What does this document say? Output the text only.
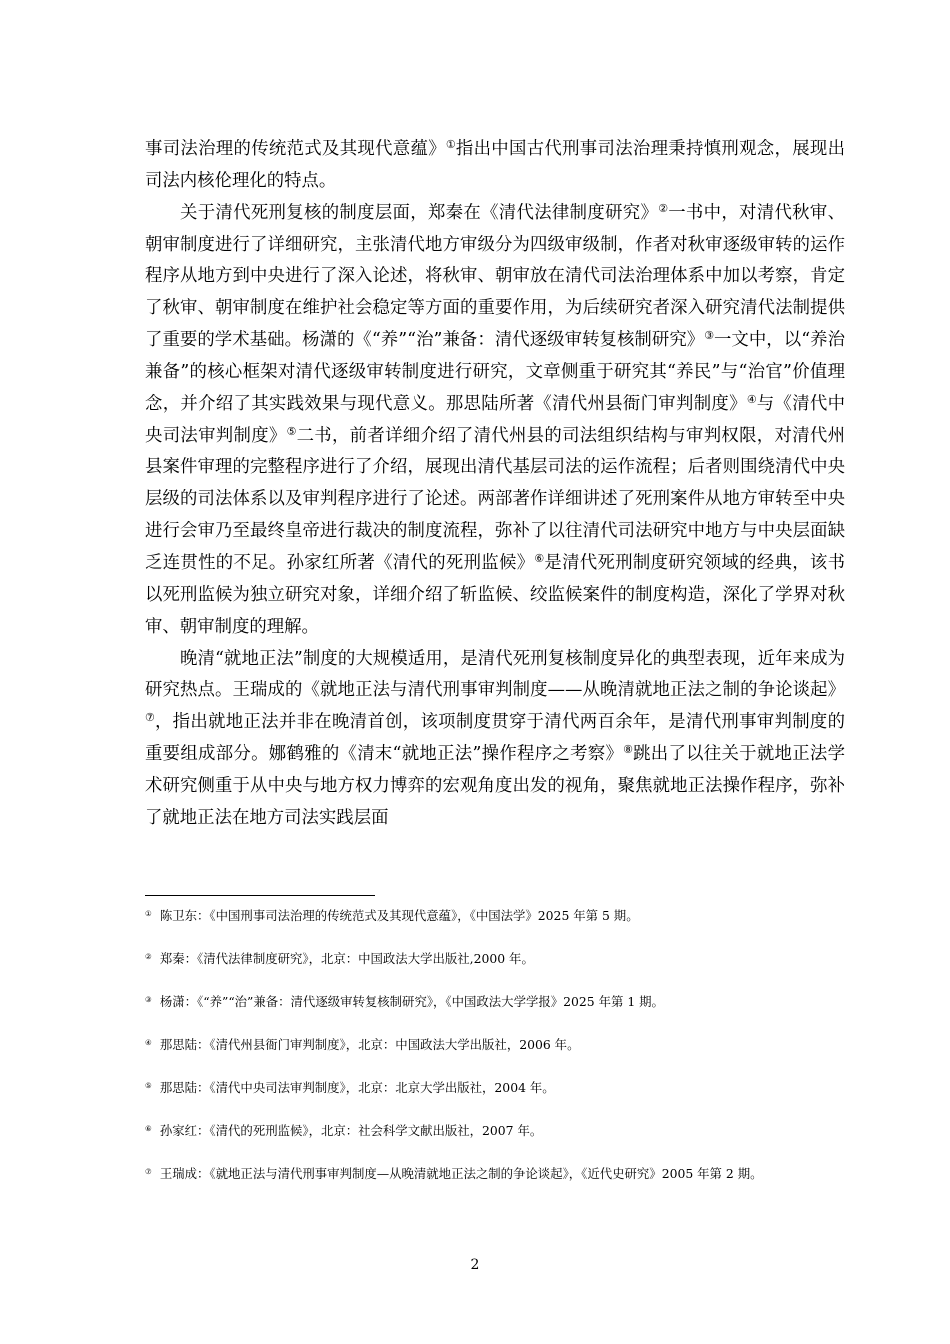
事司法治理的传统范式及其现代意蕴》①指出中国古代刑事司法治理秉持慎刑观念，展现出司法内核伦理化的特点。

关于清代死刑复核的制度层面，郑秦在《清代法律制度研究》②一书中，对清代秋审、朝审制度进行了详细研究，主张清代地方审级分为四级审级制，作者对秋审逐级审转的运作程序从地方到中央进行了深入论述，将秋审、朝审放在清代司法治理体系中加以考察，肯定了秋审、朝审制度在维护社会稳定等方面的重要作用，为后续研究者深入研究清代法制提供了重要的学术基础。杨潇的《“养”“治”兼备：清代逐级审转复核制研究》③一文中，以“养治兼备”的核心框架对清代逐级审转制度进行研究，文章侧重于研究其“养民”与“治官”价值理念，并介绍了其实践效果与现代意义。那思陆所著《清代州县衙门审判制度》④与《清代中央司法审判制度》⑤二书，前者详细介绍了清代州县的司法组织结构与审判权限，对清代州县案件审理的完整程序进行了介绍，展现出清代基层司法的运作流程；后者则围绕清代中央层级的司法体系以及审判程序进行了论述。两部著作详细讲述了死刑案件从地方审转至中央进行会审乃至最终皇帝进行裁决的制度流程，弥补了以往清代司法研究中地方与中央层面缺乏连贯性的不足。孙家红所著《清代的死刑监候》⑥是清代死刑制度研究领域的经典，该书以死刑监候为独立研究对象，详细介绍了斩监候、绞监候案件的制度构造，深化了学界对秋审、朝审制度的理解。

晚清“就地正法”制度的大规模适用，是清代死刑复核制度异化的典型表现，近年来成为研究热点。王瑞成的《就地正法与清代刑事审判制度——从晚清就地正法之制的争论谈起》⑦，指出就地正法并非在晚清首创，该项制度贯穿于清代两百余年，是清代刑事审判制度的重要组成部分。娜鹤雅的《清末“就地正法”操作程序之考察》⑧跳出了以往关于就地正法学术研究侧重于从中央与地方权力博弈的宏观角度出发的视角，聚焦就地正法操作程序，弥补了就地正法在地方司法实践层面

① 陈卫东：《中国刑事司法治理的传统范式及其现代意蕴》，《中国法学》2025 年第 5 期。
② 郑秦：《清代法律制度研究》，北京：中国政法大学出版社,2000 年。
③ 杨潇：《“养”“治”兼备：清代逐级审转复核制研究》，《中国政法大学学报》2025 年第 1 期。
④ 那思陆：《清代州县衙门审判制度》，北京：中国政法大学出版社，2006 年。
⑤ 那思陆：《清代中央司法审判制度》，北京：北京大学出版社，2004 年。
⑥ 孙家红：《清代的死刑监候》，北京：社会科学文献出版社，2007 年。
⑦ 王瑞成：《就地正法与清代刑事审判制度—从晚清就地正法之制的争论谈起》，《近代史研究》2005 年第 2 期。
2
